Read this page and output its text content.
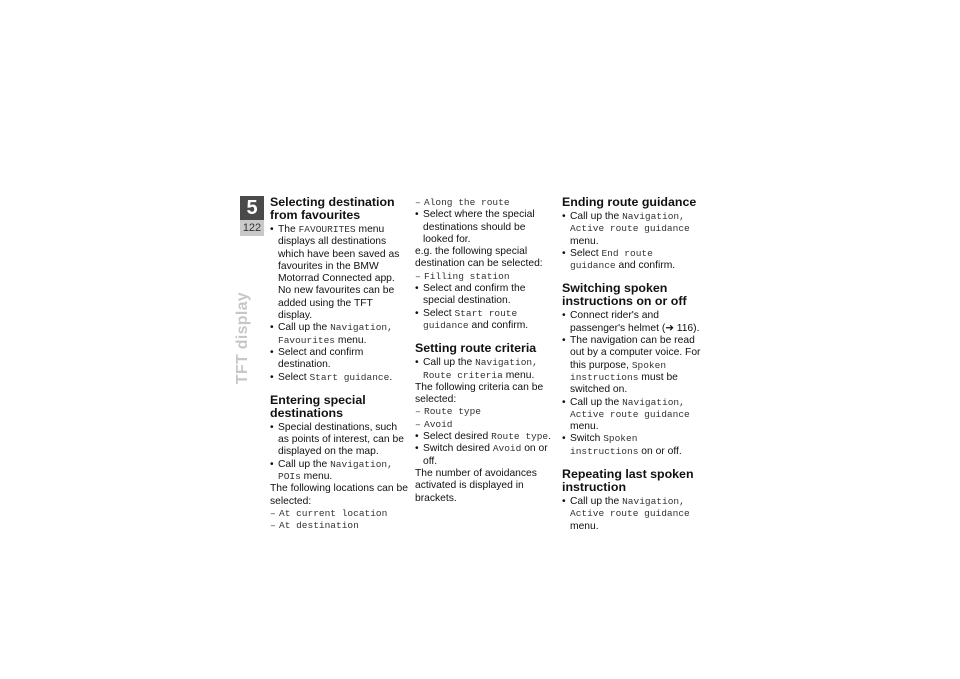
5
122
TFT display
Selecting destination from favourites
• The FAVOURITES menu displays all destinations which have been saved as favourites in the BMW Motorrad Connected app. No new favourites can be added using the TFT display.
• Call up the Navigation, Favourites menu.
• Select and confirm destination.
• Select Start guidance.
Entering special destinations
• Special destinations, such as points of interest, can be displayed on the map.
• Call up the Navigation, POIs menu.

The following locations can be selected:

– At current location
– At destination
– Along the route
• Select where the special destinations should be looked for.

e.g. the following special destination can be selected:

– Filling station
• Select and confirm the special destination.
• Select Start route guidance and confirm.
Setting route criteria
• Call up the Navigation, Route criteria menu.

The following criteria can be selected:

– Route type
– Avoid
• Select desired Route type.
• Switch desired Avoid on or off.

The number of avoidances activated is displayed in brackets.

Ending route guidance
• Call up the Navigation, Active route guidance menu.
• Select End route guidance and confirm.
Switching spoken instructions on or off
• Connect rider's and passenger's helmet (➜ 116).
• The navigation can be read out by a computer voice. For this purpose, Spoken instructions must be switched on.
• Call up the Navigation, Active route guidance menu.
• Switch Spoken instructions on or off.
Repeating last spoken instruction
• Call up the Navigation, Active route guidance menu.
